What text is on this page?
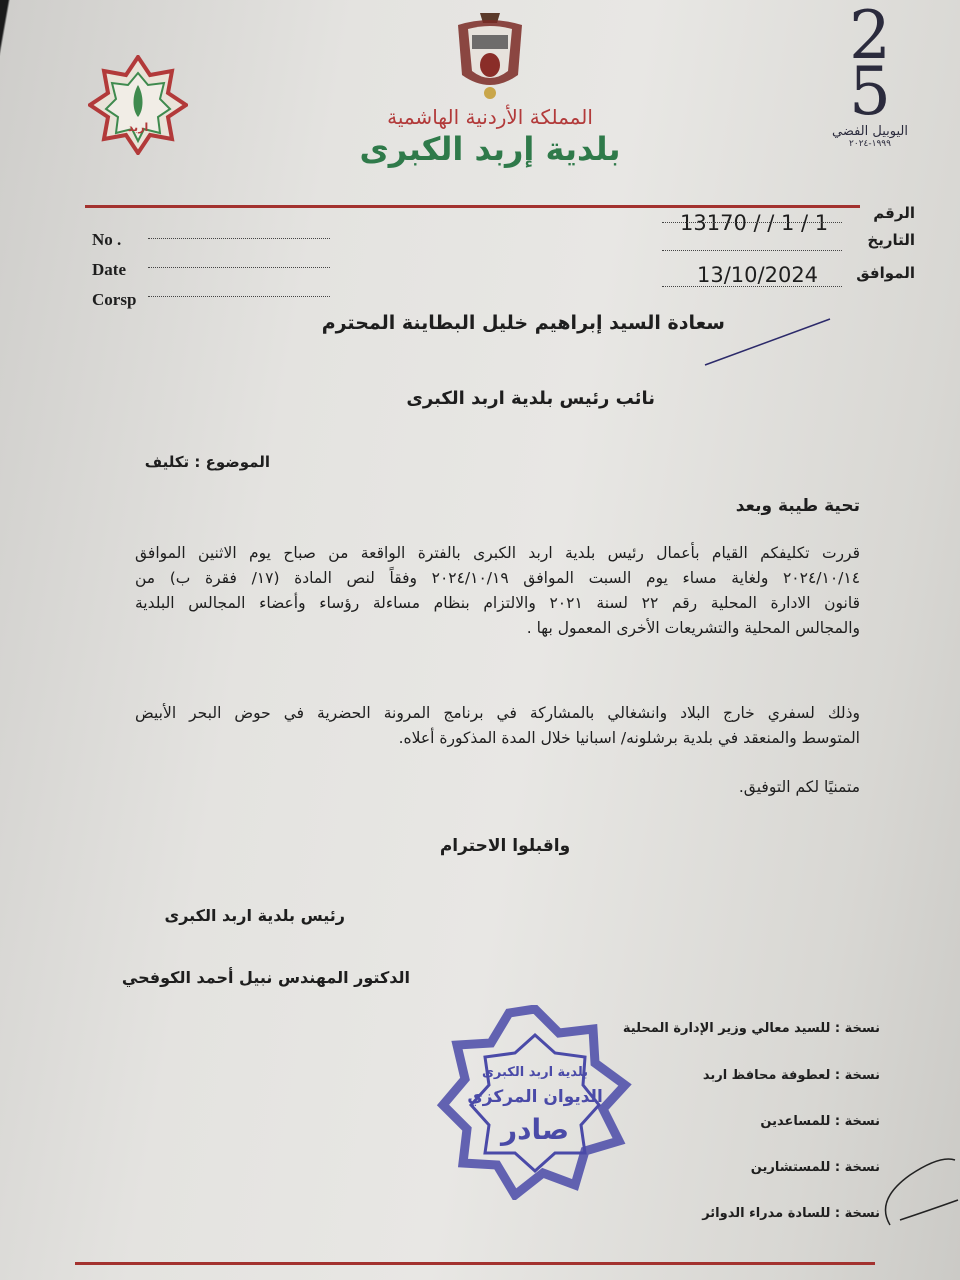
اربد	المملكة الأردنية الهاشمية
بلدية إربد الكبرى
25
اليوبيل الفضي
١٩٩٩-٢٠٢٤
No .
Date
Corsp
الرقم
13170 / / 1 / 1
التاريخ
الموافق
13/10/2024
سعادة السيد إبراهيم خليل البطاينة المحترم
نائب رئيس بلدية اربد الكبرى
الموضوع : تكليف
تحية طيبة وبعد
قررت تكليفكم القيام بأعمال رئيس بلدية اربد الكبرى بالفترة الواقعة من صباح يوم الاثنين الموافق
٢٠٢٤/١٠/١٤ ولغاية مساء يوم السبت الموافق ٢٠٢٤/١٠/١٩ وفقاً لنص المادة (١٧/ فقرة ب) من
قانون الادارة المحلية رقم ٢٢ لسنة ٢٠٢١ والالتزام بنظام مساءلة رؤساء وأعضاء المجالس البلدية
والمجالس المحلية والتشريعات الأخرى المعمول بها .
وذلك لسفري خارج البلاد وانشغالي بالمشاركة في برنامج المرونة الحضرية في حوض البحر الأبيض
المتوسط والمنعقد في بلدية برشلونه/ اسبانيا خلال المدة المذكورة أعلاه.
متمنيًا لكم التوفيق.
واقبلوا الاحترام
رئيس بلدية اربد الكبرى
الدكتور المهندس نبيل أحمد الكوفحي
بلدية اربد الكبرى
الديوان المركزي
صادر
نسخة : للسيد معالي وزير الإدارة المحلية
نسخة : لعطوفة محافظ اربد
نسخة : للمساعدين
نسخة : للمستشارين
نسخة : للسادة مدراء الدوائر
